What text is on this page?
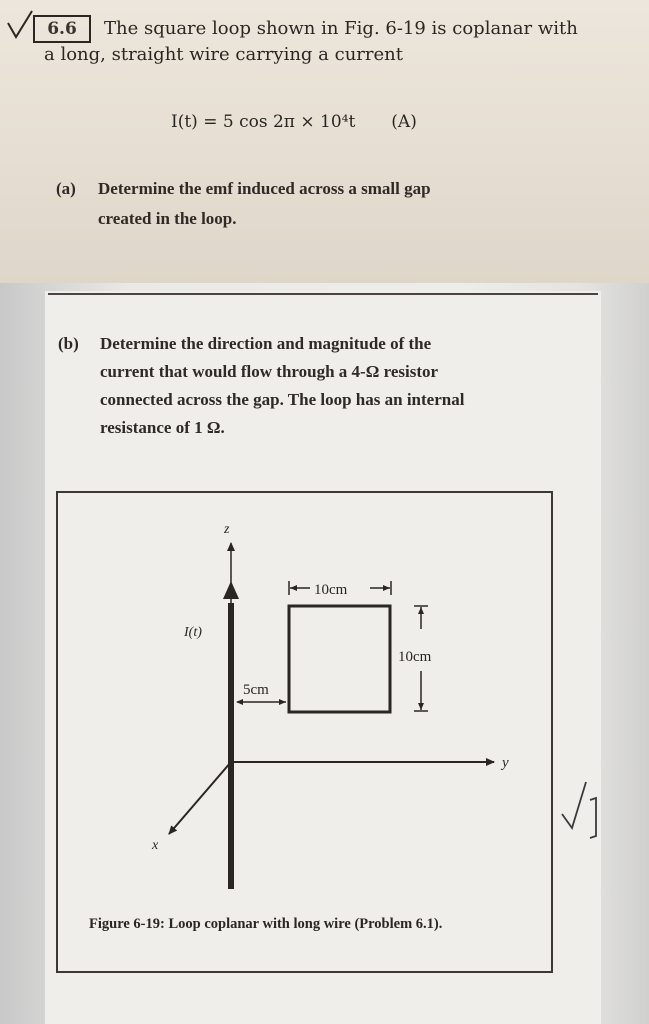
6.6	The square loop shown in Fig. 6-19 is coplanar with
a long, straight wire carrying a current
I(t) = 5 cos 2π × 10⁴t (A)
(a) Determine the emf induced across a small gap
created in the loop.
(b) Determine the direction and magnitude of the
current that would flow through a 4-Ω resistor
connected across the gap. The loop has an internal
resistance of 1 Ω.
z
I(t)
y
x
10cm
10cm
5cm
Figure 6-19: Loop coplanar with long wire (Problem 6.1).
